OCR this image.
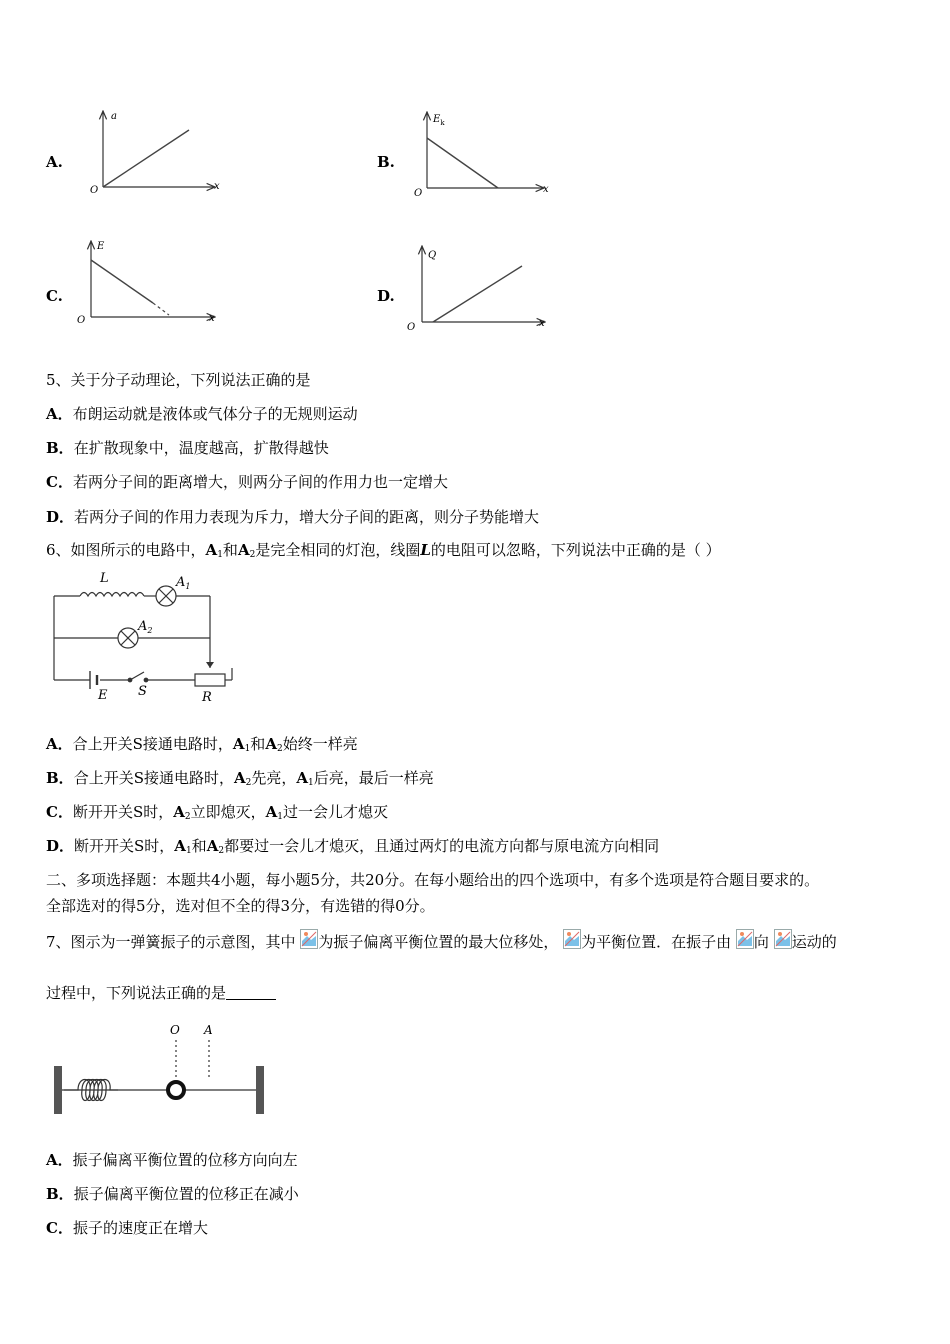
A.
a
x
O
B.
$E_k$
x
O
C.
E
x
O
D.
Q
x
O
5、关于分子动理论，下列说法正确的是
A．布朗运动就是液体或气体分子的无规则运动
B．在扩散现象中，温度越高，扩散得越快
C．若两分子间的距离增大，则两分子间的作用力也一定增大
D．若两分子间的作用力表现为斥力，增大分子间的距离，则分子势能增大
6、如图所示的电路中，$A_1$和$A_2$是完全相同的灯泡，线圈L的电阻可以忽略，下列说法中正确的是（ ）
L	$A_1$
$A_2$
E S	R
A．合上开关S接通电路时，$A_1$和$A_2$始终一样亮
B．合上开关S接通电路时，$A_2$先亮，$A_1$后亮，最后一样亮
C．断开开关S时，$A_2$立即熄灭，$A_1$过一会儿才熄灭
D．断开开关S时，$A_1$和$A_2$都要过一会儿才熄灭，且通过两灯的电流方向都与原电流方向相同
二、多项选择题：本题共4小题，每小题5分，共20分。在每小题给出的四个选项中，有多个选项是符合题目要求的。
全部选对的得5分，选对但不全的得3分，有选错的得0分。
7、图示为一弹簧振子的示意图，其中 为振子偏离平衡位置的最大位移处， 为平衡位置．在振子由 向 运动的
过程中，下列说法正确的是
O A
A．振子偏离平衡位置的位移方向向左
B．振子偏离平衡位置的位移正在减小
C．振子的速度正在增大
